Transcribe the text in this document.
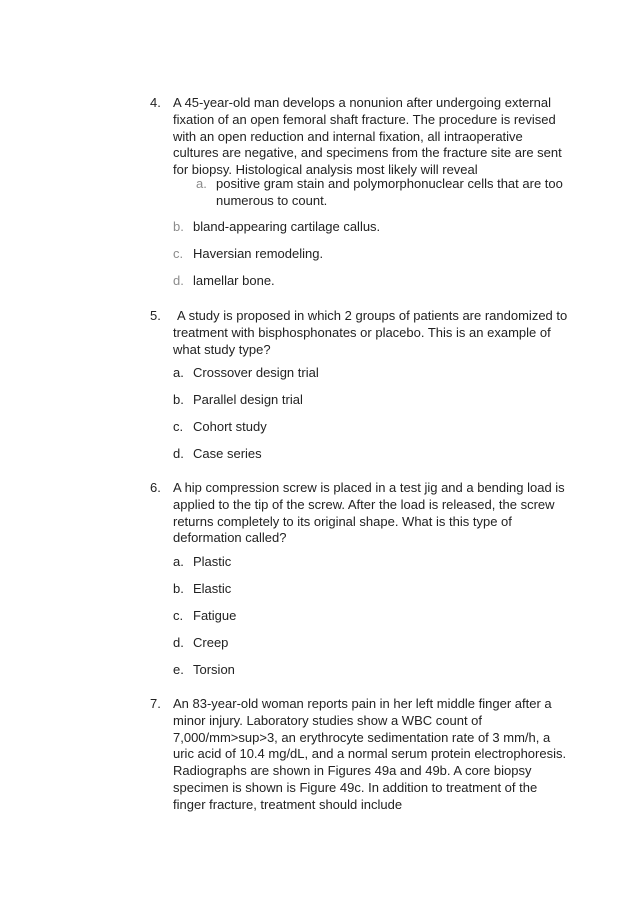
4. A 45-year-old man develops a nonunion after undergoing external fixation of an open femoral shaft fracture. The procedure is revised with an open reduction and internal fixation, all intraoperative cultures are negative, and specimens from the fracture site are sent for biopsy. Histological analysis most likely will reveal
a. positive gram stain and polymorphonuclear cells that are too numerous to count.
b. bland-appearing cartilage callus.
c. Haversian remodeling.
d. lamellar bone.
5.	A study is proposed in which 2 groups of patients are randomized to treatment with bisphosphonates or placebo. This is an example of what study type?
a. Crossover design trial
b. Parallel design trial
c. Cohort study
d. Case series
6. A hip compression screw is placed in a test jig and a bending load is applied to the tip of the screw. After the load is released, the screw returns completely to its original shape. What is this type of deformation called?
a. Plastic
b. Elastic
c. Fatigue
d. Creep
e. Torsion
7. An 83-year-old woman reports pain in her left middle finger after a minor injury. Laboratory studies show a WBC count of 7,000/mm>sup>3, an erythrocyte sedimentation rate of 3 mm/h, a uric acid of 10.4 mg/dL, and a normal serum protein electrophoresis. Radiographs are shown in Figures 49a and 49b. A core biopsy specimen is shown is Figure 49c. In addition to treatment of the finger fracture, treatment should include
